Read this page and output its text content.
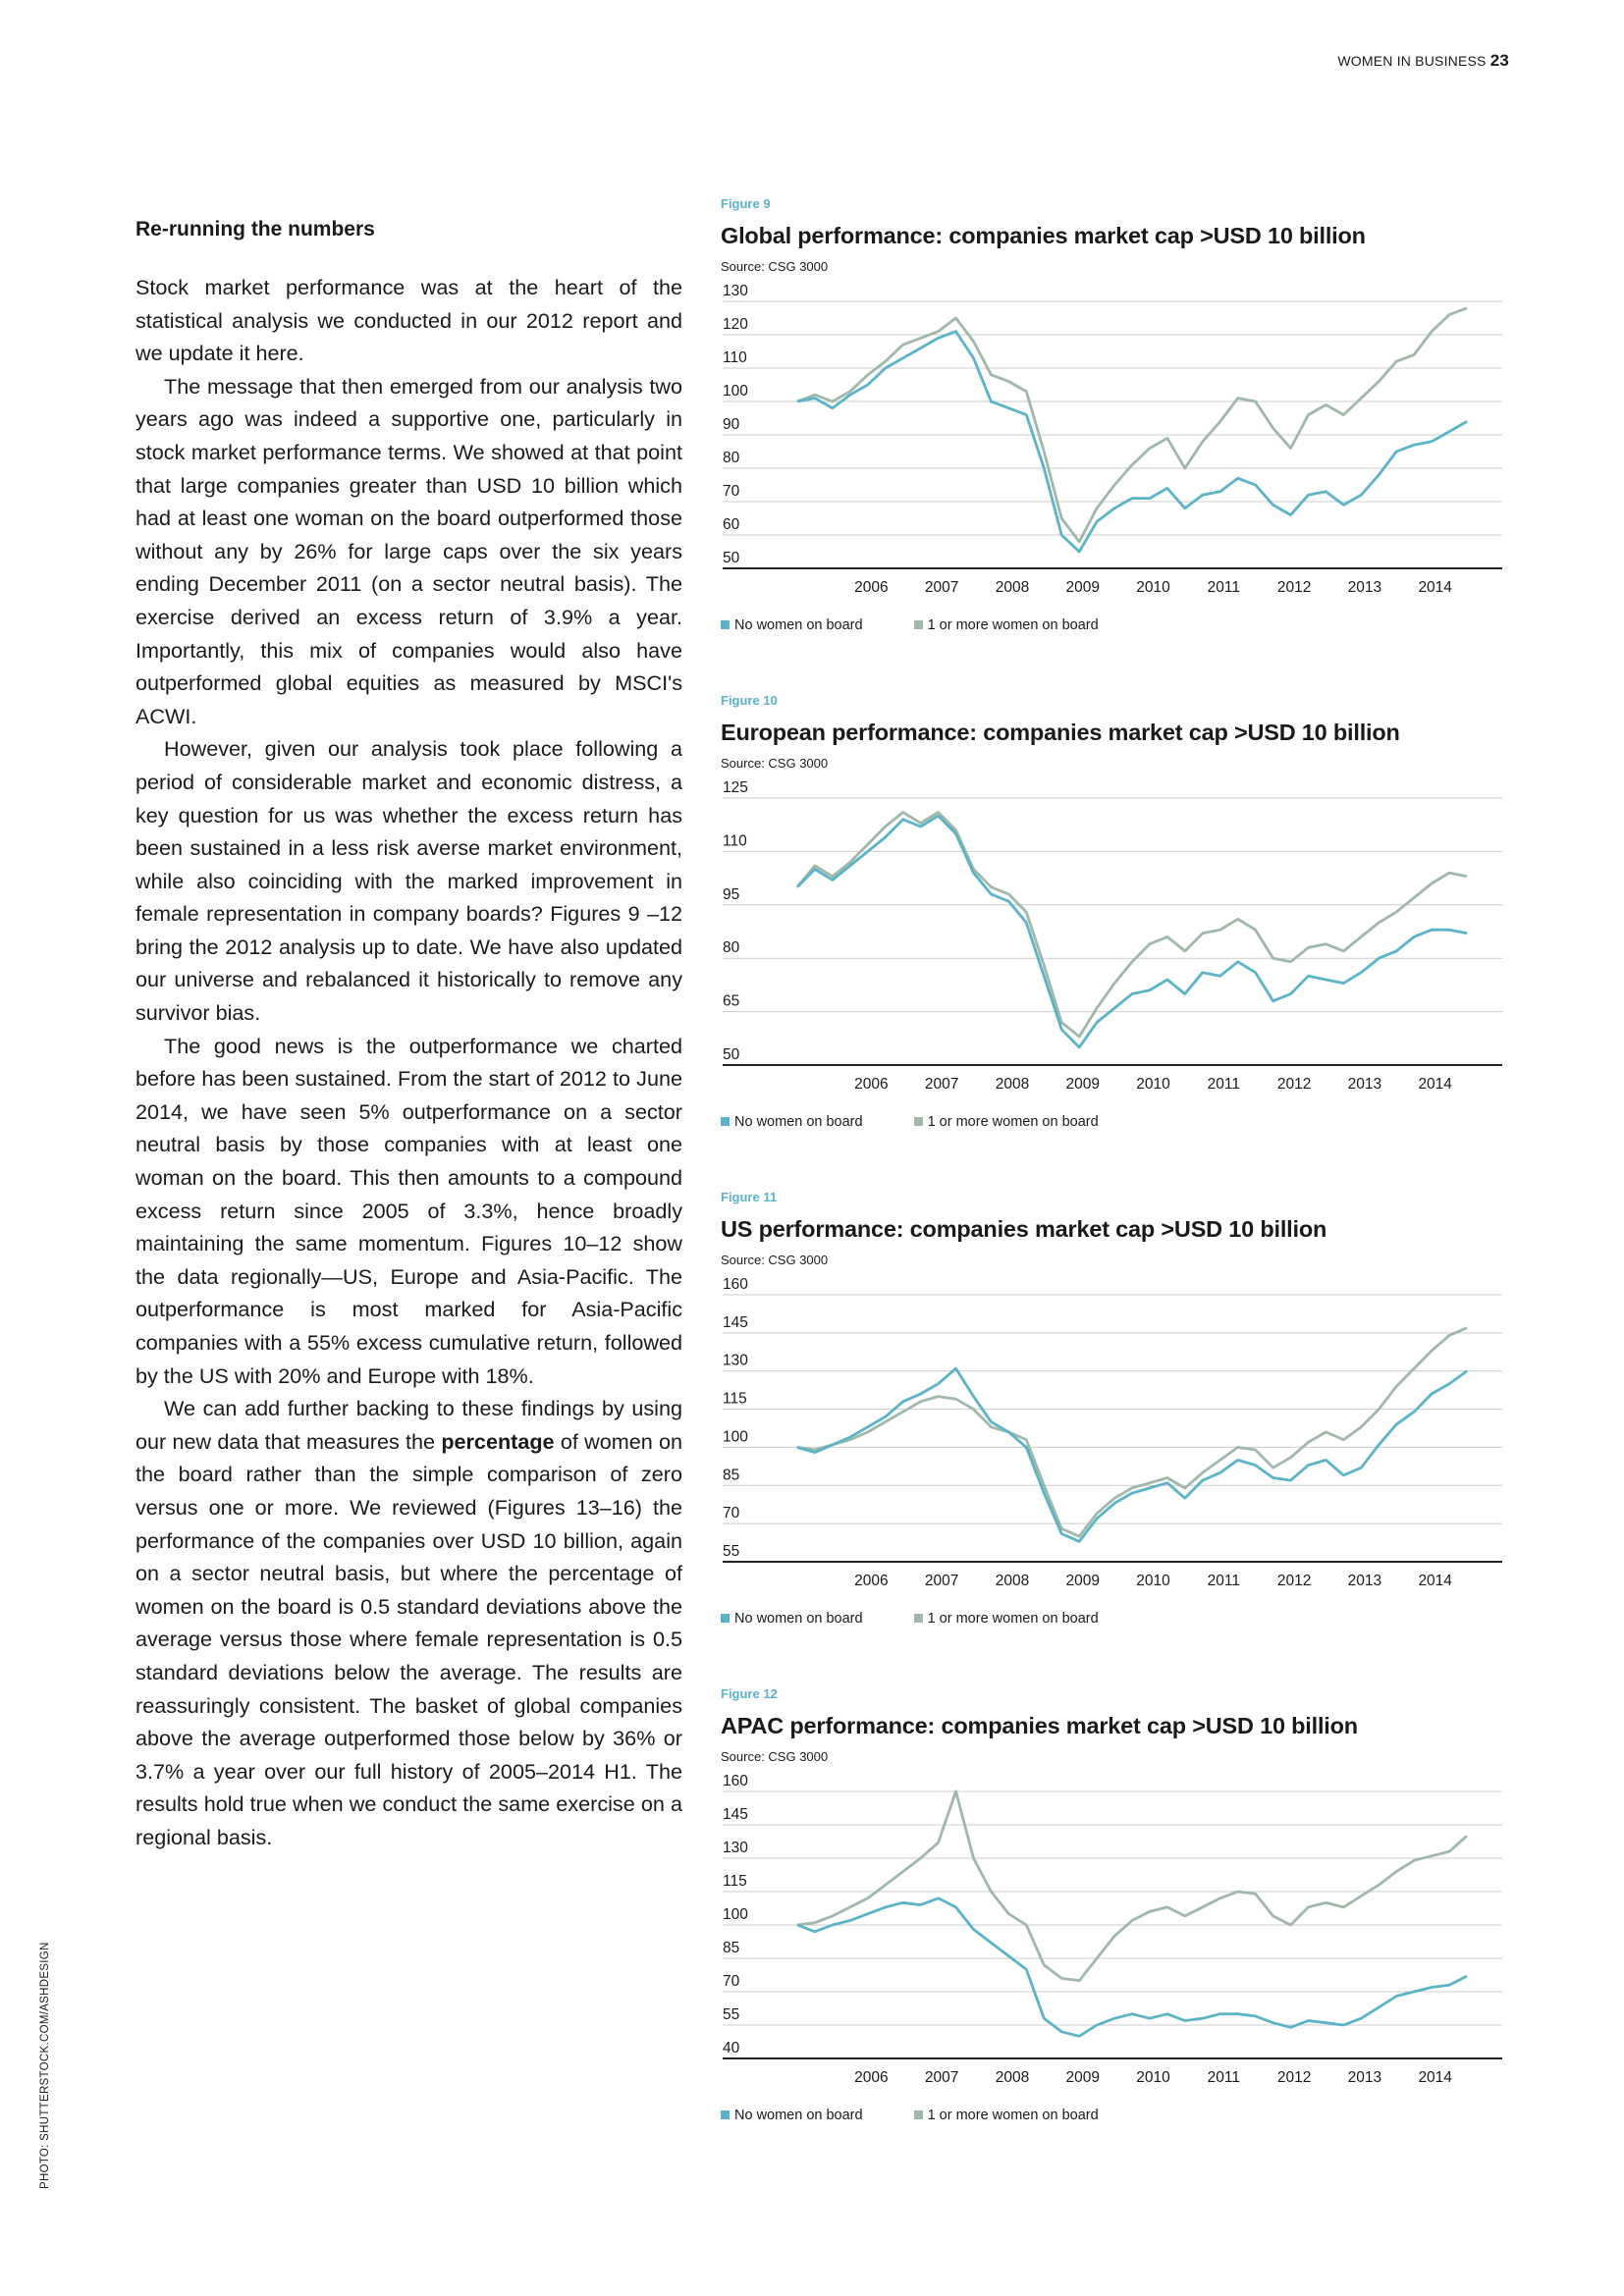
WOMEN IN BUSINESS 23
Re-running the numbers

Stock market performance was at the heart of the statistical analysis we conducted in our 2012 report and we update it here.

The message that then emerged from our analysis two years ago was indeed a supportive one, particularly in stock market performance terms. We showed at that point that large companies greater than USD 10 billion which had at least one woman on the board outperformed those without any by 26% for large caps over the six years ending December 2011 (on a sector neutral basis). The exercise derived an excess return of 3.9% a year. Importantly, this mix of companies would also have outperformed global equities as measured by MSCI's ACWI.

However, given our analysis took place following a period of considerable market and economic distress, a key question for us was whether the excess return has been sustained in a less risk averse market environment, while also coinciding with the marked improvement in female representation in company boards? Figures 9 –12 bring the 2012 analysis up to date. We have also updated our universe and rebalanced it historically to remove any survivor bias.

The good news is the outperformance we charted before has been sustained. From the start of 2012 to June 2014, we have seen 5% outperformance on a sector neutral basis by those companies with at least one woman on the board. This then amounts to a compound excess return since 2005 of 3.3%, hence broadly maintaining the same momentum. Figures 10–12 show the data regionally—US, Europe and Asia-Pacific. The outperformance is most marked for Asia-Pacific companies with a 55% excess cumulative return, followed by the US with 20% and Europe with 18%.

We can add further backing to these findings by using our new data that measures the percentage of women on the board rather than the simple comparison of zero versus one or more. We reviewed (Figures 13–16) the performance of the companies over USD 10 billion, again on a sector neutral basis, but where the percentage of women on the board is 0.5 standard deviations above the average versus those where female representation is 0.5 standard deviations below the average. The results are reassuringly consistent. The basket of global companies above the average outperformed those below by 36% or 3.7% a year over our full history of 2005–2014 H1. The results hold true when we conduct the same exercise on a regional basis.

PHOTO: SHUTTERSTOCK.COM/ASHDESIGN
Figure 9
Global performance: companies market cap >USD 10 billion
Source: CSG 3000
130
120
110
100
90
80
70
60
50
2006 2007 2008 2009 2010 2011 2012 2013 2014
No women on board	1 or more women on board
Figure 10
European performance: companies market cap >USD 10 billion
Source: CSG 3000
125
110
95
80
65
50
2006 2007 2008 2009 2010 2011 2012 2013 2014
No women on board	1 or more women on board
Figure 11
US performance: companies market cap >USD 10 billion
Source: CSG 3000
160
145
130
115
100
85
70
55
2006 2007 2008 2009 2010 2011 2012 2013 2014
No women on board	1 or more women on board
Figure 12
APAC performance: companies market cap >USD 10 billion
Source: CSG 3000
160
145
130
115
100
85
70
55
40
2006 2007 2008 2009 2010 2011 2012 2013 2014
No women on board	1 or more women on board
